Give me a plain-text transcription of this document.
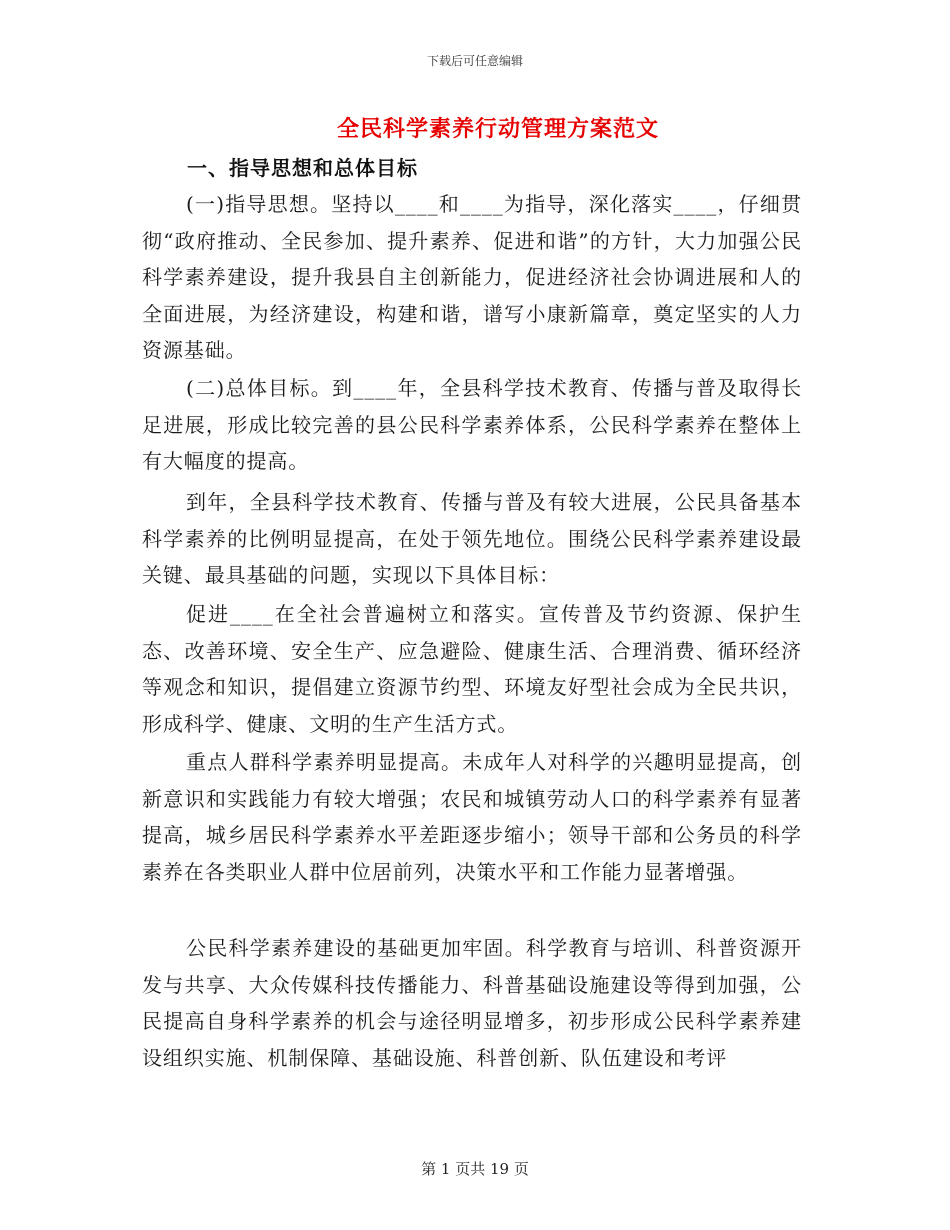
下载后可任意编辑
全民科学素养行动管理方案范文
一、指导思想和总体目标

(一)指导思想。坚持以____和____为指导，深化落实____，仔细贯彻“政府推动、全民参加、提升素养、促进和谐”的方针，大力加强公民科学素养建设，提升我县自主创新能力，促进经济社会协调进展和人的全面进展，为经济建设，构建和谐，谱写小康新篇章，奠定坚实的人力资源基础。

(二)总体目标。到____年，全县科学技术教育、传播与普及取得长足进展，形成比较完善的县公民科学素养体系，公民科学素养在整体上有大幅度的提高。

到年，全县科学技术教育、传播与普及有较大进展，公民具备基本科学素养的比例明显提高，在处于领先地位。围绕公民科学素养建设最关键、最具基础的问题，实现以下具体目标：

促进____在全社会普遍树立和落实。宣传普及节约资源、保护生态、改善环境、安全生产、应急避险、健康生活、合理消费、循环经济等观念和知识，提倡建立资源节约型、环境友好型社会成为全民共识，形成科学、健康、文明的生产生活方式。

重点人群科学素养明显提高。未成年人对科学的兴趣明显提高，创新意识和实践能力有较大增强；农民和城镇劳动人口的科学素养有显著提高，城乡居民科学素养水平差距逐步缩小；领导干部和公务员的科学素养在各类职业人群中位居前列，决策水平和工作能力显著增强。

公民科学素养建设的基础更加牢固。科学教育与培训、科普资源开发与共享、大众传媒科技传播能力、科普基础设施建设等得到加强，公民提高自身科学素养的机会与途径明显增多，初步形成公民科学素养建设组织实施、机制保障、基础设施、科普创新、队伍建设和考评

第 1 页共 19 页
